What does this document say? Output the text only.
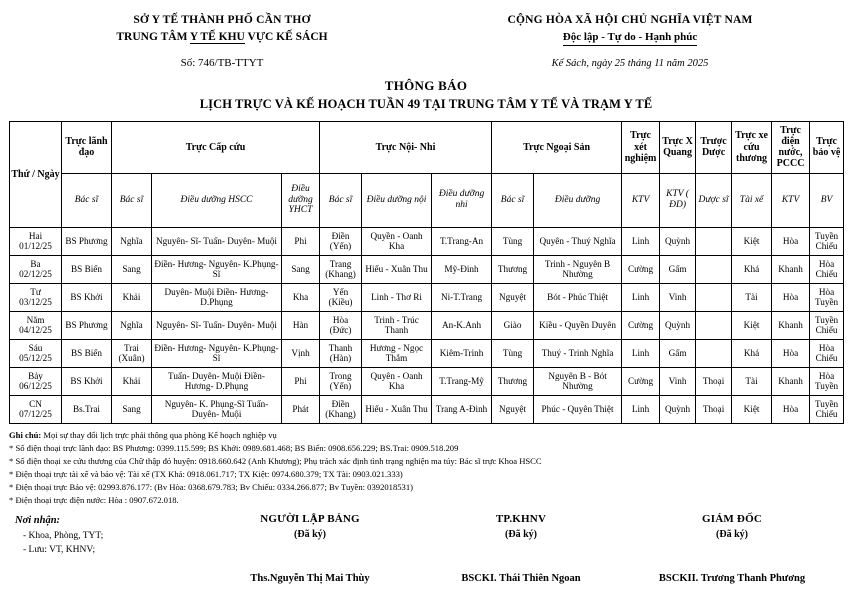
SỞ Y TẾ THÀNH PHỐ CẦN THƠ
TRUNG TÂM Y TẾ KHU VỰC KẾ SÁCH
Số: 746/TB-TTYT
CỘNG HÒA XÃ HỘI CHỦ NGHĨA VIỆT NAM
Độc lập - Tự do - Hạnh phúc
Kế Sách, ngày 25 tháng 11 năm 2025
THÔNG BÁO
LỊCH TRỰC VÀ KẾ HOẠCH TUẦN 49 TẠI TRUNG TÂM Y TẾ VÀ TRẠM Y TẾ
Thứ / Ngày	Trực lãnh đạo	Trực Cấp cứu			Trực Nội- Nhi			Trực Ngoại Sản		Trực xét nghiệm	Trực X Quang	Trược Dược	Trực xe cứu thương	Trực điện nước, PCCC	Trực bảo vệ
	Bác sĩ	Bác sĩ	Điều dưỡng HSCC	Điều dưỡng YHCT	Bác sĩ	Điều dưỡng nội	Điều dưỡng nhi	Bác sĩ	Điều dưỡng	KTV	KTV ( ĐD)	Dược sĩ	Tài xế	KTV	BV
Hai
01/12/25	BS Phương	Nghĩa	Nguyên- Sĩ- Tuấn- Duyên- Muội	Phi	Điền (Yến)	Quyền - Oanh Kha	T.Trang-An	Tùng	Quyên - Thuý Nghĩa	Linh	Quỳnh		Kiệt	Hòa	Tuyền Chiếu
Ba
02/12/25	BS Biển	Sang	Điền- Hương- Nguyên- K.Phụng- Sĩ	Sang	Trang (Khang)	Hiếu - Xuân Thu	Mỹ-Đinh	Thương	Trinh - Nguyên B Nhường	Cường	Gấm		Khá	Khanh	Hòa Chiếu
Tư
03/12/25	BS Khởi	Khải	Duyên- Muội Điền- Hương- D.Phụng	Kha	Yến (Kiều)	Linh - Thơ Ri	Ni-T.Trang	Nguyệt	Bót - Phúc Thiệt	Linh	Vinh		Tài	Hòa	Hòa Tuyền
Năm
04/12/25	BS Phương	Nghĩa	Nguyên- Sĩ- Tuấn- Duyên- Muội	Hàn	Hòa (Đức)	Trinh - Trúc Thanh	An-K.Anh	Giào	Kiều - Quyền Duyên	Cường	Quỳnh		Kiệt	Khanh	Tuyền Chiếu
Sáu
05/12/25	BS Biển	Trai (Xuân)	Điền- Hương- Nguyên- K.Phụng- Sĩ	Vịnh	Thanh (Hàn)	Hương - Ngọc Thắm	Kiêm-Trinh	Tùng	Thuý - Trinh Nghĩa	Linh	Gấm		Khá	Hòa	Hòa Chiếu
Bảy
06/12/25	BS Khởi	Khải	Tuấn- Duyên- Muội Điền- Hương- D.Phụng	Phi	Trong (Yến)	Quyên - Oanh Kha	T.Trang-Mỹ	Thương	Nguyên B - Bót Nhường	Cường	Vinh	Thoại	Tài	Khanh	Hòa Tuyền
CN
07/12/25	Bs.Trai	Sang	Nguyên- K. Phụng-Sĩ Tuấn- Duyên- Muội	Phát	Điền (Khang)	Hiếu - Xuân Thu	Trang A-Đinh	Nguyệt	Phúc - Quyên Thiệt	Linh	Quỳnh	Thoại	Kiệt	Hòa	Tuyền Chiếu
Ghi chú: Mọi sự thay đổi lịch trực phải thông qua phòng Kế hoạch nghiệp vụ
* Số điện thoại trực lãnh đạo: BS Phương: 0399.115.599; BS Khởi: 0989.681.468; BS Biển: 0908.656.229; BS.Trai: 0909.518.209
* Số điện thoại xe cứu thương của Chữ thập đỏ huyện: 0918.660.642 (Anh Khương); Phụ trách xác định tình trạng nghiện ma túy: Bác sĩ trực Khoa HSCC
* Điện thoại trực tài xế và bảo vệ: Tài xế (TX Khá: 0918.061.717; TX Kiệt: 0974.680.379; TX Tài: 0903.021.333)
* Điện thoại trực Bảo vệ: 02993.876.177: (Bv Hòa: 0368.679.783; Bv Chiếu: 0334.266.877; Bv Tuyền: 0392018531)
* Điện thoại trực điện nước: Hòa : 0907.672.018.
Nơi nhận:
- Khoa, Phòng, TYT;
- Lưu: VT, KHNV;
NGƯỜI LẬP BẢNG
(Đã ký)
Ths.Nguyễn Thị Mai Thùy
TP.KHNV
(Đã ký)
BSCKI. Thái Thiên Ngoan
GIÁM ĐỐC
(Đã ký)
BSCKII. Trương Thanh Phương
